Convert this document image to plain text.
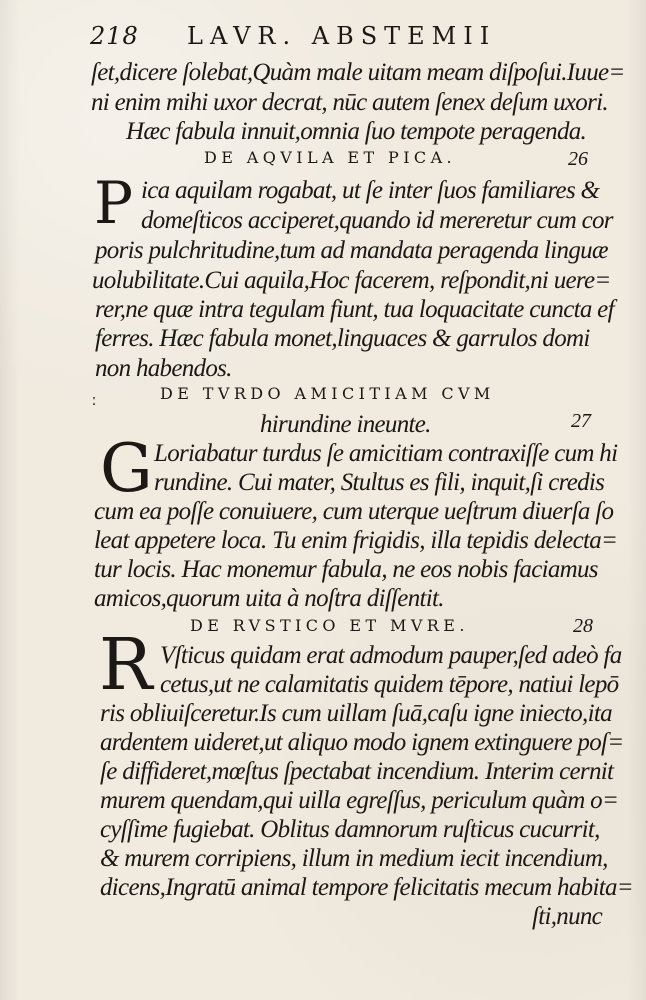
218 LAVR. ABSTEMII
ſet,dicere ſolebat,Quàm male uitam meam diſpoſui.Iuue=
ni enim mihi uxor decrat, nūc autem ſenex deſum uxori.
Hæc fabula innuit,omnia ſuo tempote peragenda.
DE AQVILA ET PICA.	26
P ica aquilam rogabat, ut ſe inter ſuos familiares &
domeſticos acciperet,quando id mereretur cum cor
poris pulchritudine,tum ad mandata peragenda linguæ
uolubilitate.Cui aquila,Hoc facerem, reſpondit,ni uere=
rer,ne quæ intra tegulam fiunt, tua loquacitate cuncta ef
ferres. Hæc fabula monet,linguaces & garrulos domi
non habendos.
DE TVRDO AMICITIAM CVM
hirundine ineunte.	27
ː
G Loriabatur turdus ſe amicitiam contraxiſſe cum hi
rundine. Cui mater, Stultus es fili, inquit,ſi credis
cum ea poſſe conuiuere, cum uterque ueſtrum diuerſa ſo
leat appetere loca. Tu enim frigidis, illa tepidis delecta=
tur locis. Hac monemur fabula, ne eos nobis faciamus
amicos,quorum uita à noſtra diſſentit.
DE RVSTICO ET MVRE.	28
R Vſticus quidam erat admodum pauper,ſed adeò fa
cetus,ut ne calamitatis quidem tēpore, natiui lepō
ris obliuiſceretur.Is cum uillam ſuā,caſu igne iniecto,ita
ardentem uideret,ut aliquo modo ignem extinguere poſ=
ſe diffideret,mœſtus ſpectabat incendium. Interim cernit
murem quendam,qui uilla egreſſus, periculum quàm o=
cyſſime fugiebat. Oblitus damnorum ruſticus cucurrit,
& murem corripiens, illum in medium iecit incendium,
dicens,Ingratū animal tempore felicitatis mecum habita=
ſti,nunc
